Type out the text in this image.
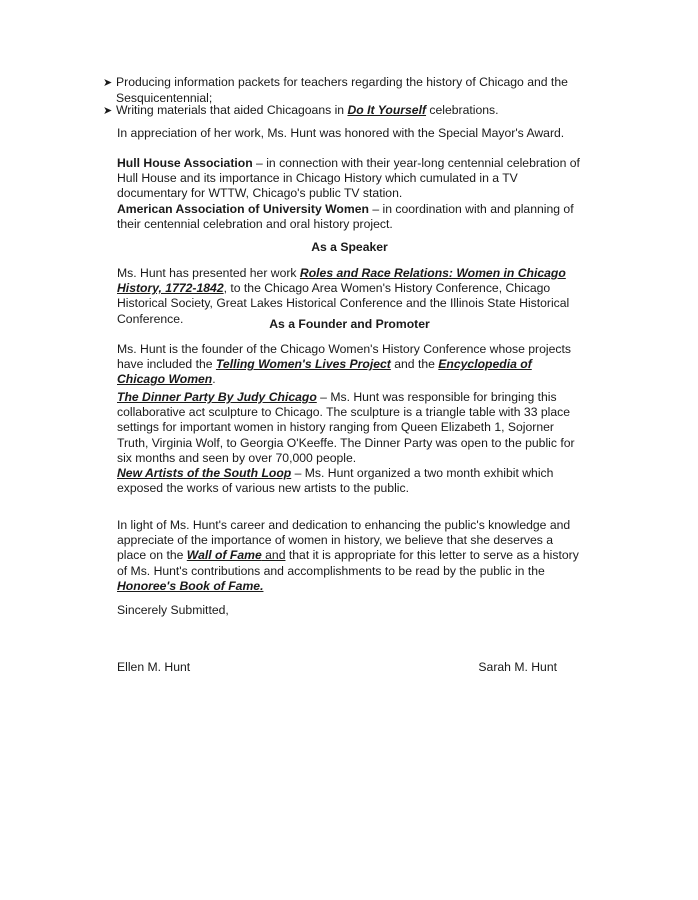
➤ Producing information packets for teachers regarding the history of Chicago and the
Sesquicentennial;
➤ Writing materials that aided Chicagoans in Do It Yourself celebrations.

In appreciation of her work, Ms. Hunt was honored with the Special Mayor's Award.

Hull House Association – in connection with their year-long centennial celebration of Hull House and its importance in Chicago History which cumulated in a TV documentary for WTTW, Chicago's public TV station.

American Association of University Women – in coordination with and planning of their centennial celebration and oral history project.

As a Speaker

Ms. Hunt has presented her work Roles and Race Relations: Women in Chicago History, 1772-1842, to the Chicago Area Women's History Conference, Chicago Historical Society, Great Lakes Historical Conference and the Illinois State Historical Conference.	As a Founder and Promoter

Ms. Hunt is the founder of the Chicago Women's History Conference whose projects have included the Telling Women's Lives Project and the Encyclopedia of Chicago Women.

The Dinner Party By Judy Chicago – Ms. Hunt was responsible for bringing this collaborative act sculpture to Chicago. The sculpture is a triangle table with 33 place settings for important women in history ranging from Queen Elizabeth 1, Sojorner Truth, Virginia Wolf, to Georgia O'Keeffe. The Dinner Party was open to the public for six months and seen by over 70,000 people.

New Artists of the South Loop – Ms. Hunt organized a two month exhibit which exposed the works of various new artists to the public.

In light of Ms. Hunt's career and dedication to enhancing the public's knowledge and appreciate of the importance of women in history, we believe that she deserves a place on the Wall of Fame and that it is appropriate for this letter to serve as a history of Ms. Hunt's contributions and accomplishments to be read by the public in the Honoree's Book of Fame.

Sincerely Submitted,

Ellen M. Hunt	Sarah M. Hunt
